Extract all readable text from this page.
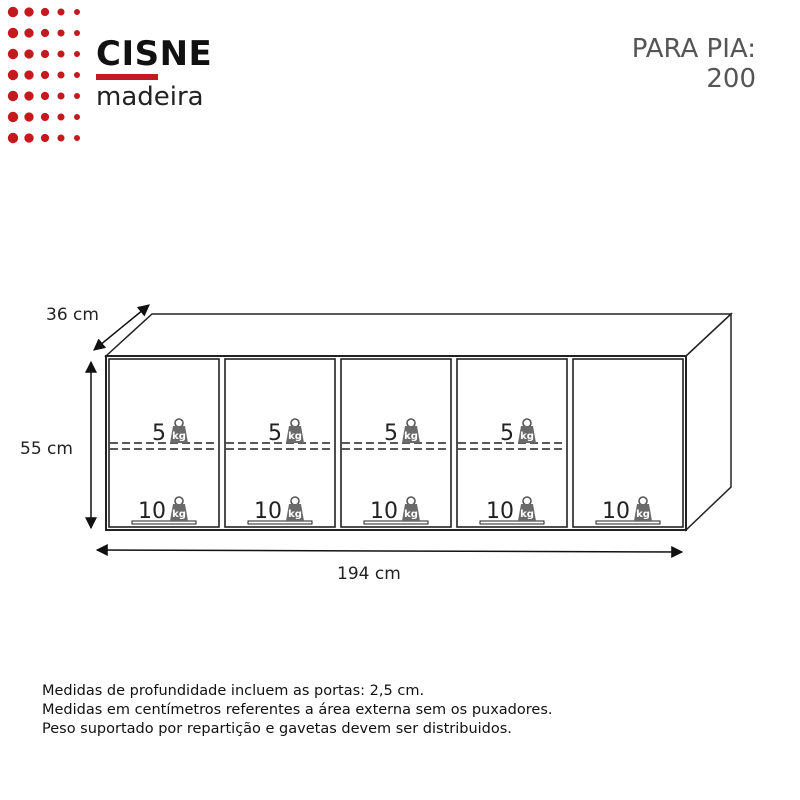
CISNE
madeira
PARA PIA:
200
5 kg
10 kg
5 kg
10 kg
5 kg
10 kg
5 kg
10 kg	10 kg
36 cm
55 cm
194 cm
Medidas de profundidade incluem as portas: 2,5 cm.
Medidas em centímetros referentes a área externa sem os puxadores.
Peso suportado por repartição e gavetas devem ser distribuidos.
